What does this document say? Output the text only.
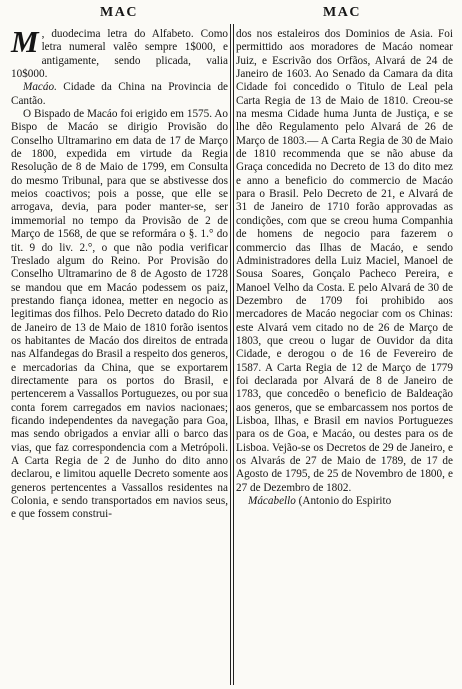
MAC	MAC

M , duodecima letra do Alfabeto. Como letra numeral valêo sempre 1$000, e antigamente, sendo plicada, valia 10$000.

Macáo. Cidade da China na Provincia de Cantão.

O Bispado de Macáo foi erigido em 1575. Ao Bispo de Macáo se dirigio Provisão do Conselho Ultramarino em data de 17 de Março de 1800, expedida em virtude da Regia Resolução de 8 de Maio de 1799, em Consulta do mesmo Tribunal, para que se abstivesse dos meios coactivos; pois a posse, que elle se arrogava, devia, para poder manter-se, ser immemorial no tempo da Provisão de 2 de Março de 1568, de que se reformára o §. 1.° do tit. 9 do liv. 2.°, o que não podia verificar Treslado algum do Reino. Por Provisão do Conselho Ultramarino de 8 de Agosto de 1728 se mandou que em Macáo podessem os paiz, prestando fiança idonea, metter en negocio as legitimas dos filhos. Pelo Decreto datado do Rio de Janeiro de 13 de Maio de 1810 forão isentos os habitantes de Macáo dos direitos de entrada nas Alfandegas do Brasil a respeito dos generos, e mercadorias da China, que se exportarem directamente para os portos do Brasil, e pertencerem a Vassallos Portuguezes, ou por sua conta forem carregados em navios nacionaes; ficando independentes da navegação para Goa, mas sendo obrigados a enviar alli o barco das vias, que faz correspondencia com a Metrópoli. A Carta Regia de 2 de Junho do dito anno declarou, e limitou aquelle Decreto somente aos generos pertencentes a Vassallos residentes na Colonia, e sendo transportados em navios seus, e que fossem construi-

dos nos estaleiros dos Dominios de Asia. Foi permittido aos moradores de Macáo nomear Juiz, e Escrivão dos Orfãos, Alvará de 24 de Janeiro de 1603. Ao Senado da Camara da dita Cidade foi concedido o Titulo de Leal pela Carta Regia de 13 de Maio de 1810. Creou-se na mesma Cidade huma Junta de Justiça, e se lhe dêo Regulamento pelo Alvará de 26 de Março de 1803.— A Carta Regia de 30 de Maio de 1810 recommenda que se não abuse da Graça concedida no Decreto de 13 do dito mez e anno a beneficio do commercio de Macáo para o Brasil. Pelo Decreto de 21, e Alvará de 31 de Janeiro de 1710 forão approvadas as condições, com que se creou huma Companhia de homens de negocio para fazerem o commercio das Ilhas de Macáo, e sendo Administradores della Luiz Maciel, Manoel de Sousa Soares, Gonçalo Pacheco Pereira, e Manoel Velho da Costa. E pelo Alvará de 30 de Dezembro de 1709 foi prohibido aos mercadores de Macáo negociar com os Chinas: este Alvará vem citado no de 26 de Março de 1803, que creou o lugar de Ouvidor da dita Cidade, e derogou o de 16 de Fevereiro de 1587. A Carta Regia de 12 de Março de 1779 foi declarada por Alvará de 8 de Janeiro de 1783, que concedêo o beneficio de Baldeação aos generos, que se embarcassem nos portos de Lisboa, Ilhas, e Brasil em navios Portuguezes para os de Goa, e Macáo, ou destes para os de Lisboa. Vejão-se os Decretos de 29 de Janeiro, e os Alvarás de 27 de Maio de 1789, de 17 de Agosto de 1795, de 25 de Novembro de 1800, e 27 de Dezembro de 1802.

Mácabello (Antonio do Espirito
